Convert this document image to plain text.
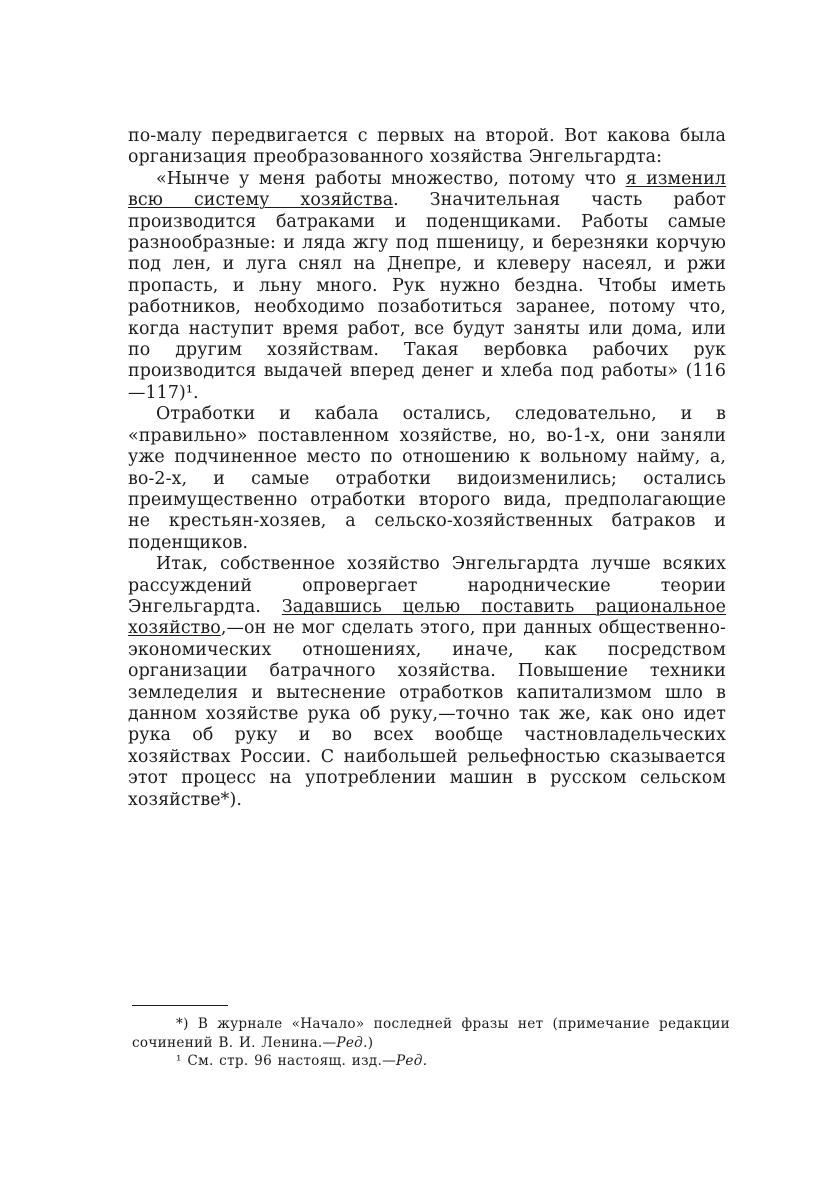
по-малу передвигается с первых на второй. Вот какова была организация преобразованного хозяйства Энгельгардта:

«Нынче у меня работы множество, потому что я изменил всю систему хозяйства. Значительная часть работ производится батраками и поденщиками. Работы самые разнообразные: и ляда жгу под пшеницу, и березняки корчую под лен, и луга снял на Днепре, и клеверу насеял, и ржи пропасть, и льну много. Рук нужно бездна. Чтобы иметь работников, необходимо позаботиться заранее, потому что, когда наступит время работ, все будут заняты или дома, или по другим хозяйствам. Такая вербовка рабочих рук производится выдачей вперед денег и хлеба под работы» (116—117)¹.

Отработки и кабала остались, следовательно, и в «правильно» поставленном хозяйстве, но, во-1-х, они заняли уже подчиненное место по отношению к вольному найму, а, во-2-х, и самые отработки видоизменились; остались преимущественно отработки второго вида, предполагающие не крестьян-хозяев, а сельско-хозяйственных батраков и поденщиков.

Итак, собственное хозяйство Энгельгардта лучше всяких рассуждений опровергает народнические теории Энгельгардта. Задавшись целью поставить рациональное хозяйство,—он не мог сделать этого, при данных общественно-экономических отношениях, иначе, как посредством организации батрачного хозяйства. Повышение техники земледелия и вытеснение отработков капитализмом шло в данном хозяйстве рука об руку,—точно так же, как оно идет рука об руку и во всех вообще частновладельческих хозяйствах России. С наибольшей рельефностью сказывается этот процесс на употреблении машин в русском сельском хозяйстве*).

*) В журнале «Начало» последней фразы нет (примечание редакции сочинений В. И. Ленина.—Ред.)

¹ См. стр. 96 настоящ. изд.—Ред.
